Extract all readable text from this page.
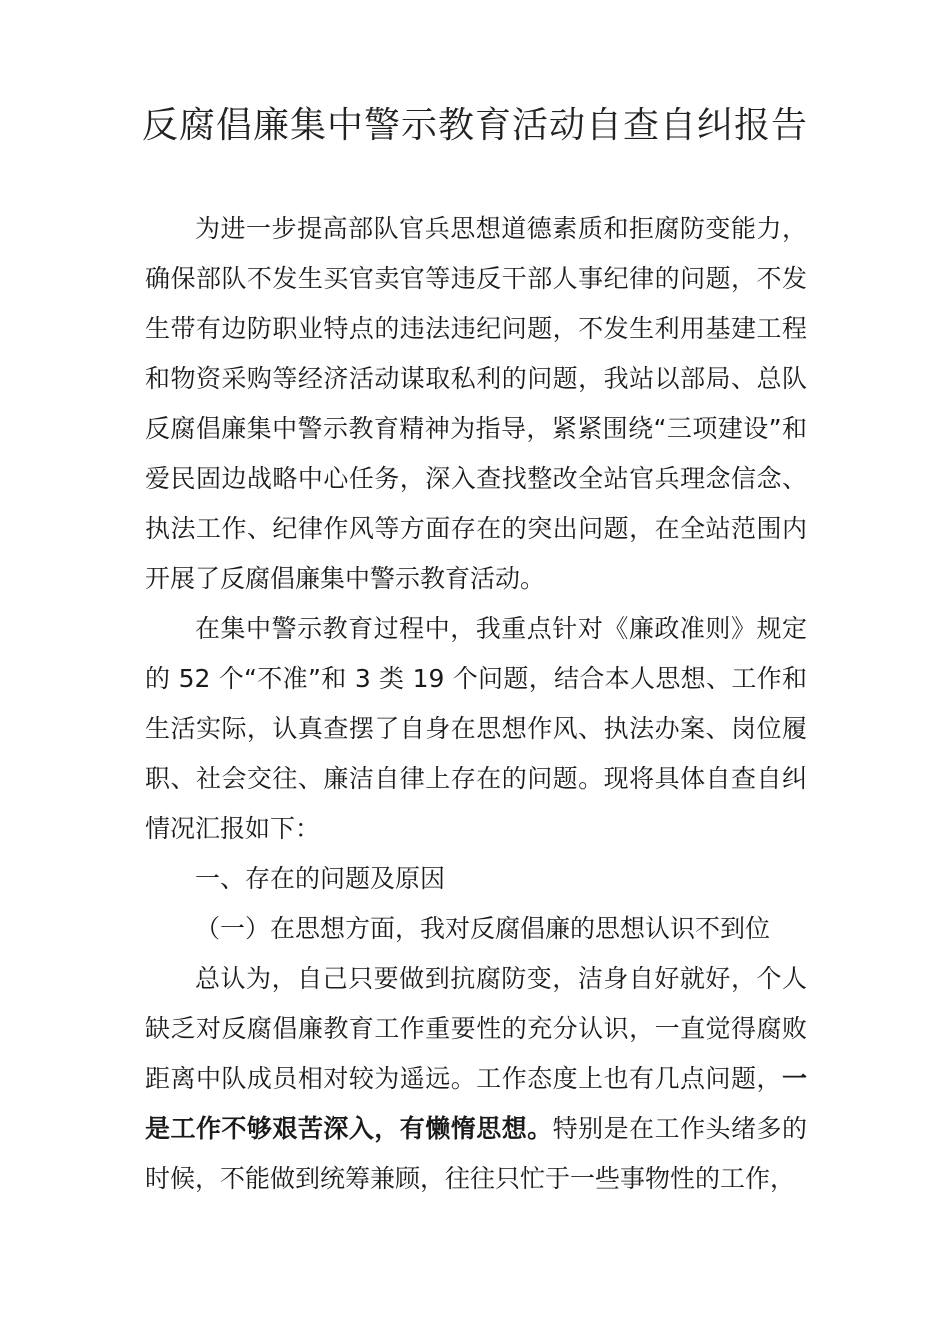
反腐倡廉集中警示教育活动自查自纠报告

为进一步提高部队官兵思想道德素质和拒腐防变能力，确保部队不发生买官卖官等违反干部人事纪律的问题，不发生带有边防职业特点的违法违纪问题，不发生利用基建工程和物资采购等经济活动谋取私利的问题，我站以部局、总队反腐倡廉集中警示教育精神为指导，紧紧围绕“三项建设”和爱民固边战略中心任务，深入查找整改全站官兵理念信念、执法工作、纪律作风等方面存在的突出问题，在全站范围内开展了反腐倡廉集中警示教育活动。

在集中警示教育过程中，我重点针对《廉政准则》规定的 52 个“不准”和 3 类 19 个问题，结合本人思想、工作和生活实际，认真查摆了自身在思想作风、执法办案、岗位履职、社会交往、廉洁自律上存在的问题。现将具体自查自纠情况汇报如下：

一、存在的问题及原因

（一）在思想方面，我对反腐倡廉的思想认识不到位

总认为，自己只要做到抗腐防变，洁身自好就好，个人缺乏对反腐倡廉教育工作重要性的充分认识，一直觉得腐败距离中队成员相对较为遥远。工作态度上也有几点问题，一是工作不够艰苦深入，有懒惰思想。特别是在工作头绪多的时候，不能做到统筹兼顾，往往只忙于一些事物性的工作，
